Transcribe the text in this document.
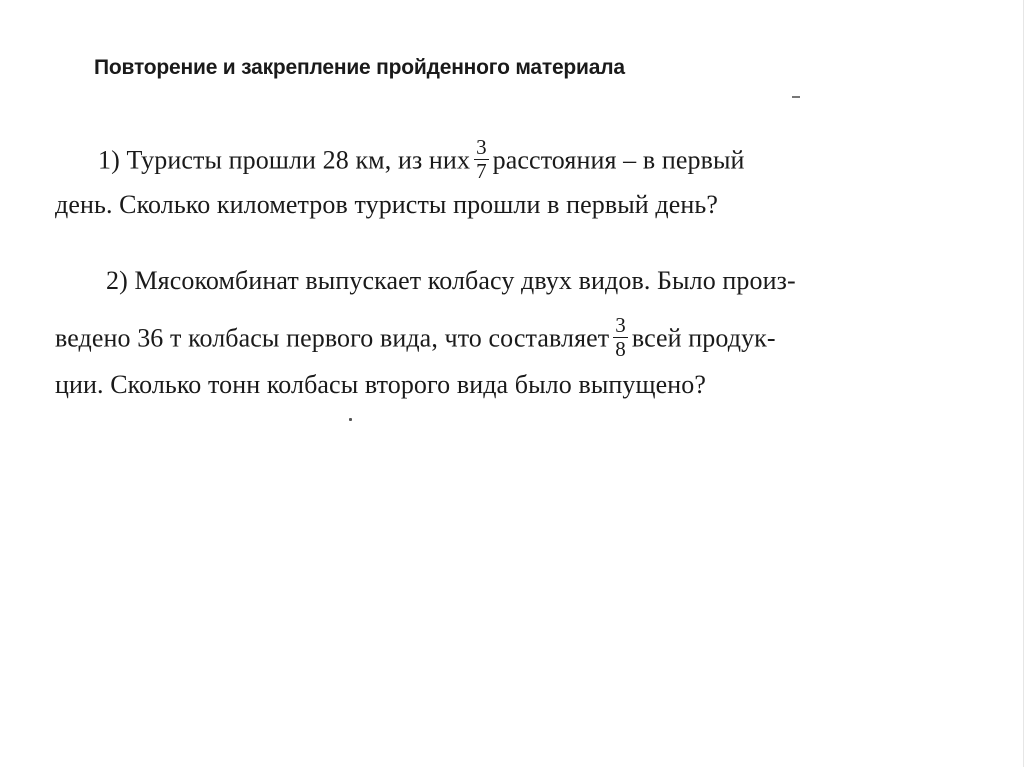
Повторение и закрепление пройденного материала
1) Туристы прошли 28 км, из них $\frac{3}{7}$ расстояния – в первый
день. Сколько километров туристы прошли в первый день?
2) Мясокомбинат выпускает колбасу двух видов. Было произ-
ведено 36 т колбасы первого вида, что составляет $\frac{3}{8}$ всей продук-
ции. Сколько тонн колбасы второго вида было выпущено?
